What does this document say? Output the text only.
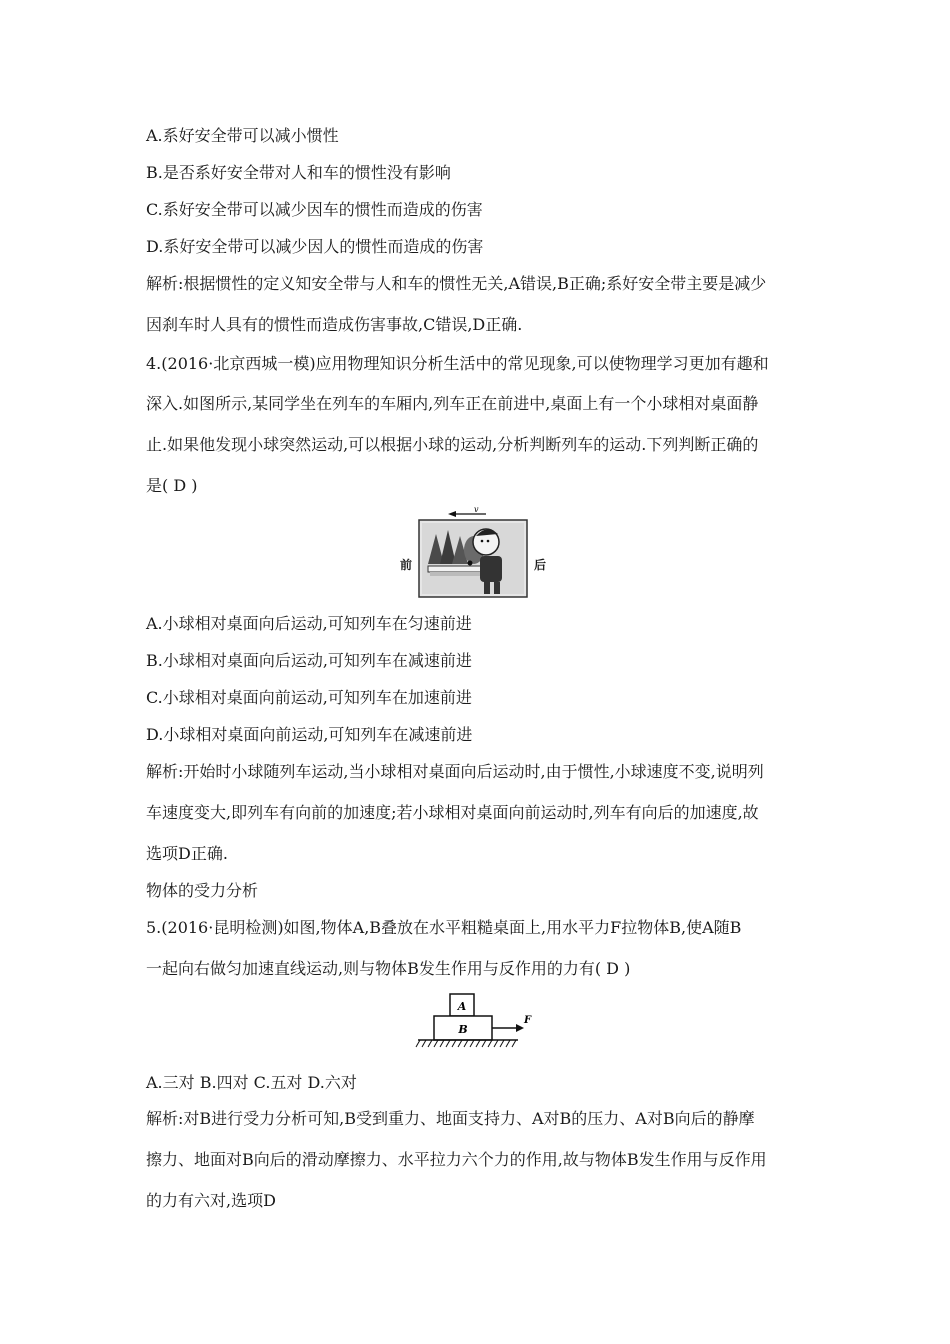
A.系好安全带可以减小惯性
B.是否系好安全带对人和车的惯性没有影响
C.系好安全带可以减少因车的惯性而造成的伤害
D.系好安全带可以减少因人的惯性而造成的伤害
解析:根据惯性的定义知安全带与人和车的惯性无关,A错误,B正确;系好安全带主要是减少
因刹车时人具有的惯性而造成伤害事故,C错误,D正确.
4.(2016·北京西城一模)应用物理知识分析生活中的常见现象,可以使物理学习更加有趣和
深入.如图所示,某同学坐在列车的车厢内,列车正在前进中,桌面上有一个小球相对桌面静
止.如果他发现小球突然运动,可以根据小球的运动,分析判断列车的运动.下列判断正确的
是( D )
前	后
v
A.小球相对桌面向后运动,可知列车在匀速前进
B.小球相对桌面向后运动,可知列车在减速前进
C.小球相对桌面向前运动,可知列车在加速前进
D.小球相对桌面向前运动,可知列车在减速前进
解析:开始时小球随列车运动,当小球相对桌面向后运动时,由于惯性,小球速度不变,说明列
车速度变大,即列车有向前的加速度;若小球相对桌面向前运动时,列车有向后的加速度,故
选项D正确.
物体的受力分析
5.(2016·昆明检测)如图,物体A,B叠放在水平粗糙桌面上,用水平力F拉物体B,使A随B
一起向右做匀加速直线运动,则与物体B发生作用与反作用的力有( D )
A
B
F
A.三对 B.四对 C.五对 D.六对
解析:对B进行受力分析可知,B受到重力、地面支持力、A对B的压力、A对B向后的静摩
擦力、地面对B向后的滑动摩擦力、水平拉力六个力的作用,故与物体B发生作用与反作用
的力有六对,选项D
